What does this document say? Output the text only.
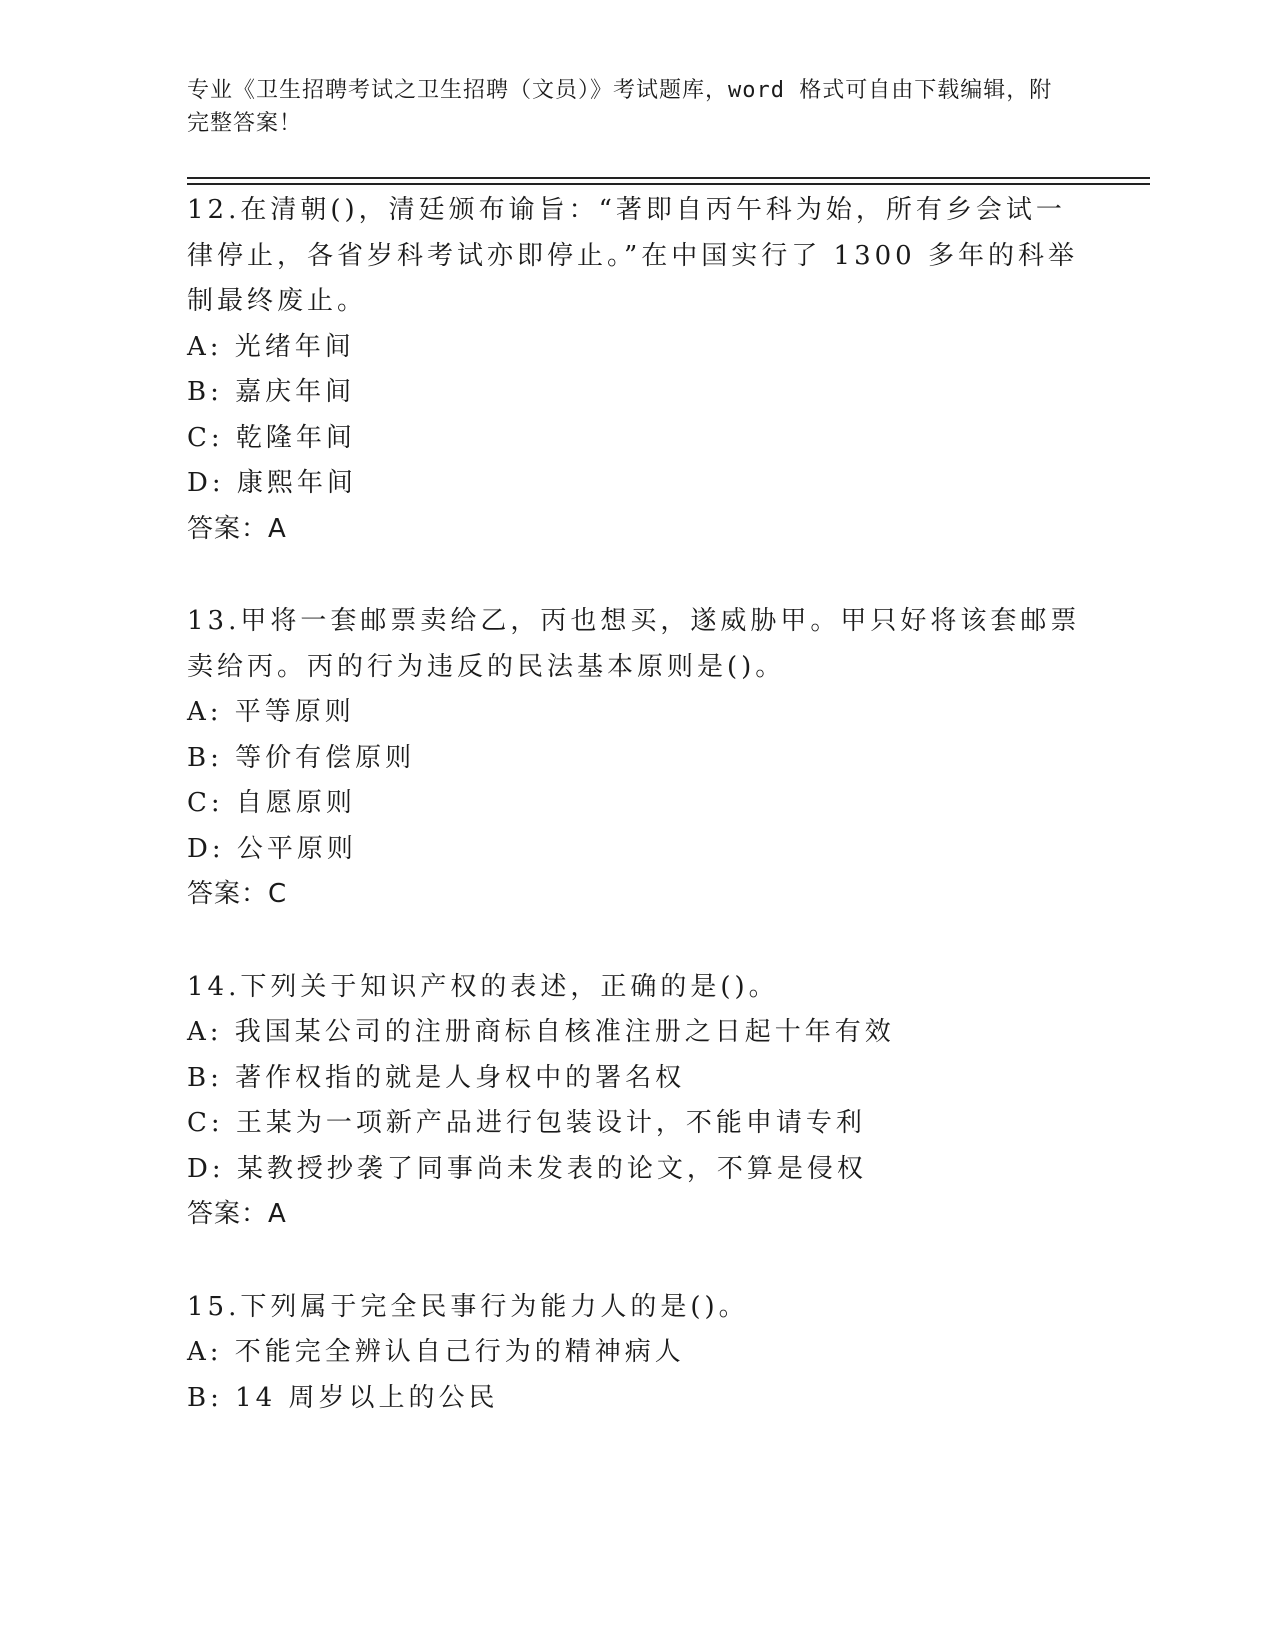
专业《卫生招聘考试之卫生招聘（文员）》考试题库，word 格式可自由下载编辑，附完整答案！

12.在清朝()，清廷颁布谕旨：“著即自丙午科为始，所有乡会试一律停止，各省岁科考试亦即停止。”在中国实行了 1300 多年的科举制最终废止。

A: 光绪年间

B: 嘉庆年间

C: 乾隆年间

D: 康熙年间

答案：A

13.甲将一套邮票卖给乙，丙也想买，遂威胁甲。甲只好将该套邮票卖给丙。丙的行为违反的民法基本原则是()。

A: 平等原则

B: 等价有偿原则

C: 自愿原则

D: 公平原则

答案：C

14.下列关于知识产权的表述，正确的是()。

A: 我国某公司的注册商标自核准注册之日起十年有效

B: 著作权指的就是人身权中的署名权

C: 王某为一项新产品进行包装设计，不能申请专利

D: 某教授抄袭了同事尚未发表的论文，不算是侵权

答案：A

15.下列属于完全民事行为能力人的是()。

A: 不能完全辨认自己行为的精神病人

B: 14 周岁以上的公民
